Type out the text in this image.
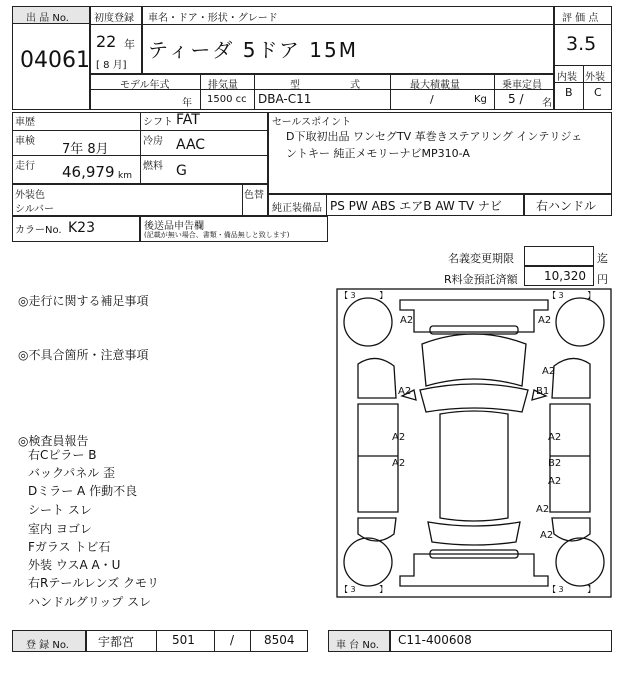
出 品 No.
04061
初度登録
22 年
[ 8 月]
車名・ドア・形状・グレード
ティーダ 5ドア 15M
評 価 点
3.5
内装 外装
B C
モデル年式
年
排気量
1500 cc
型	式
DBA-C11
最大積載量
/	Kg
乗車定員
5 / 名
車歴
車検
7年 8月
走行 46,979 km
シフト FAT
冷房 AAC
燃料 G
セールスポイント
D下取初出品 ワンセグTV 革巻きステアリング インテリジェ
ントキー 純正メモリーナビMP310-A
外装色
シルバー
色替
純正装備品 PS PW ABS エアB AW TV ナビ	右ハンドル
カラーNo. K23	後送品申告欄
(記載が無い場合、書類・備品無しと致します)
名義変更期限	迄
R料金預託済額 10,320 円
◎走行に関する補足事項
◎不具合箇所・注意事項
◎検査員報告
右Cピラー B
バックパネル 歪
Dミラー A 作動不良
シート スレ
室内 ヨゴレ
Fガラス トビ石
外装 ウスA A・U
右Rテールレンズ クモリ
ハンドルグリップ スレ
【 3 　 　 】	【 3 　 　 】
【 3 　 　 】	【 3 　 　 】
A2	A2
A2	B1
A2
A2	A2
A2	B2
A2
A2
A2
登 録 No. 宇都宮	501	/ 8504	車 台 No. C11-400608
